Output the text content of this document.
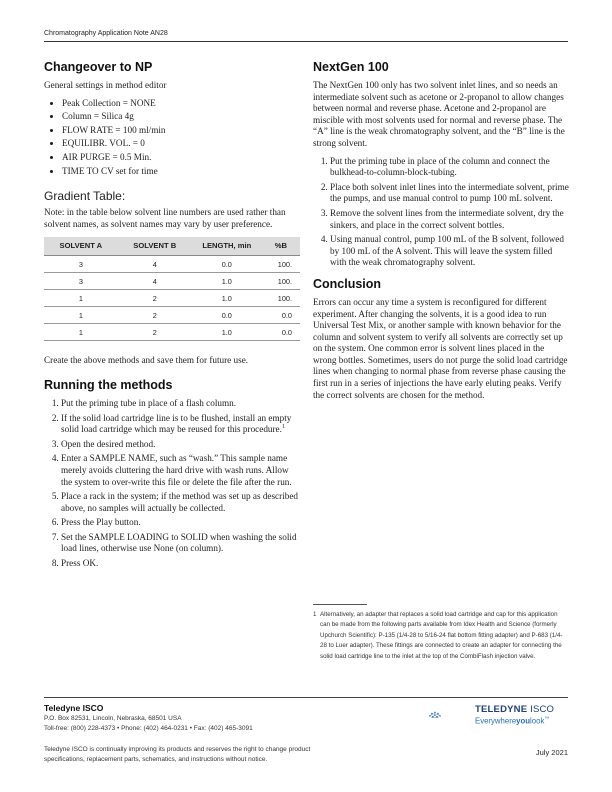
Chromatography Application Note AN28
Changeover to NP

General settings in method editor

• Peak Collection = NONE
• Column = Silica 4g
• FLOW RATE = 100 ml/min
• EQUILIBR. VOL. = 0
• AIR PURGE = 0.5 Min.
• TIME TO CV set for time
Gradient Table:

Note: in the table below solvent line numbers are used rather than solvent names, as solvent names may vary by user preference.

SOLVENT A	SOLVENT B	LENGTH, min	%B
3	4	0.0	100.
3	4	1.0	100.
1	2	1.0	100.
1	2	0.0	0.0
1	2	1.0	0.0

Create the above methods and save them for future use.

Running the methods
1. Put the priming tube in place of a flash column.
2. If the solid load cartridge line is to be flushed, install an empty solid load cartridge which may be reused for this procedure.$^1$
3. Open the desired method.
4. Enter a SAMPLE NAME, such as “wash.” This sample name merely avoids cluttering the hard drive with wash runs. Allow the system to over-write this file or delete the file after the run.
5. Place a rack in the system; if the method was set up as described above, no samples will actually be collected.
6. Press the Play button.
7. Set the SAMPLE LOADING to SOLID when washing the solid load lines, otherwise use None (on column).
8. Press OK.
NextGen 100

The NextGen 100 only has two solvent inlet lines, and so needs an intermediate solvent such as acetone or 2-propanol to allow changes between normal and reverse phase. Acetone and 2-propanol are miscible with most solvents used for normal and reverse phase. The “A” line is the weak chromatography solvent, and the “B” line is the strong solvent.

1. Put the priming tube in place of the column and connect the bulkhead-to-column-block-tubing.
2. Place both solvent inlet lines into the intermediate solvent, prime the pumps, and use manual control to pump 100 mL solvent.
3. Remove the solvent lines from the intermediate solvent, dry the sinkers, and place in the correct solvent bottles.
4. Using manual control, pump 100 mL of the B solvent, followed by 100 mL of the A solvent. This will leave the system filled with the weak chromatography solvent.
Conclusion

Errors can occur any time a system is reconfigured for different experiment. After changing the solvents, it is a good idea to run Universal Test Mix, or another sample with known behavior for the column and solvent system to verify all solvents are correctly set up on the system. One common error is solvent lines placed in the wrong bottles. Sometimes, users do not purge the solid load cartridge lines when changing to normal phase from reverse phase causing the first run in a series of injections the have early eluting peaks. Verify the correct solvents are chosen for the method.

1 Alternatively, an adapter that replaces a solid load cartridge and cap for this application can be made from the following parts available from Idex Health and Science (formerly Upchurch Scientific): P-135 (1/4-28 to 5/16-24 flat bottom fitting adapter) and P-683 (1/4-28 to Luer adapter). These fittings are connected to create an adapter for connecting the solid load cartridge line to the inlet at the top of the CombiFlash injection valve.
Teledyne ISCO
P.O. Box 82531, Lincoln, Nebraska, 68501 USA
Toll-free: (800) 228-4373 • Phone: (402) 464-0231 • Fax: (402) 465-3091
Teledyne ISCO is continually improving its products and reserves the right to change product specifications, replacement parts, schematics, and instructions without notice.
July 2021
TELEDYNE ISCO
Everywhereyoulook™
